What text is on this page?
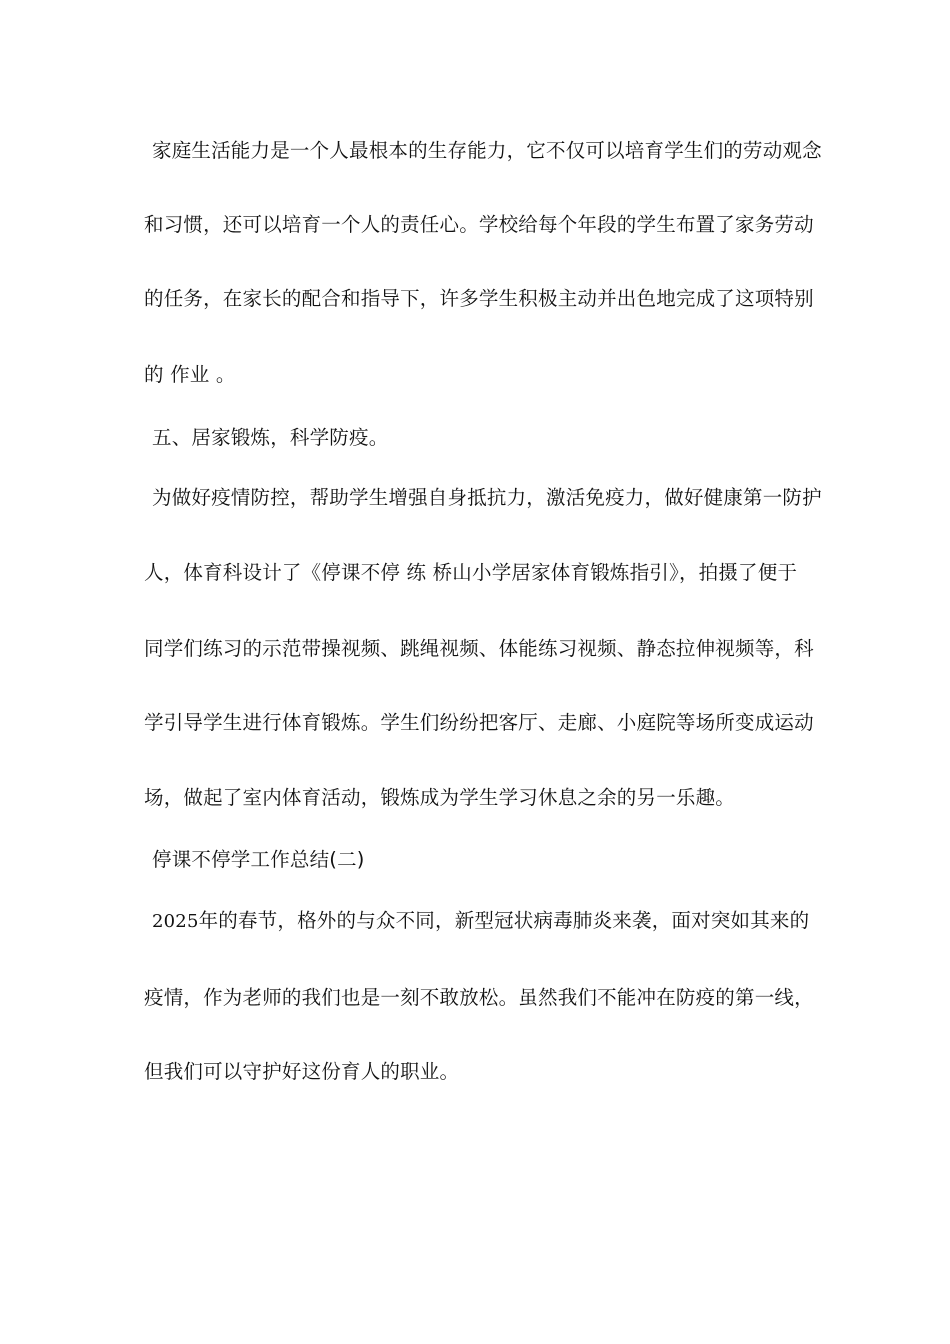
家庭生活能力是一个人最根本的生存能力，它不仅可以培育学生们的劳动观念
和习惯，还可以培育一个人的责任心。学校给每个年段的学生布置了家务劳动
的任务，在家长的配合和指导下，许多学生积极主动并出色地完成了这项特别
的 作业 。
五、居家锻炼，科学防疫。
为做好疫情防控，帮助学生增强自身抵抗力，激活免疫力，做好健康第一防护
人，体育科设计了《停课不停 练 桥山小学居家体育锻炼指引》，拍摄了便于
同学们练习的示范带操视频、跳绳视频、体能练习视频、静态拉伸视频等，科
学引导学生进行体育锻炼。学生们纷纷把客厅、走廊、小庭院等场所变成运动
场，做起了室内体育活动，锻炼成为学生学习休息之余的另一乐趣。
停课不停学工作总结(二)
2025年的春节，格外的与众不同，新型冠状病毒肺炎来袭，面对突如其来的
疫情，作为老师的我们也是一刻不敢放松。虽然我们不能冲在防疫的第一线，
但我们可以守护好这份育人的职业。
